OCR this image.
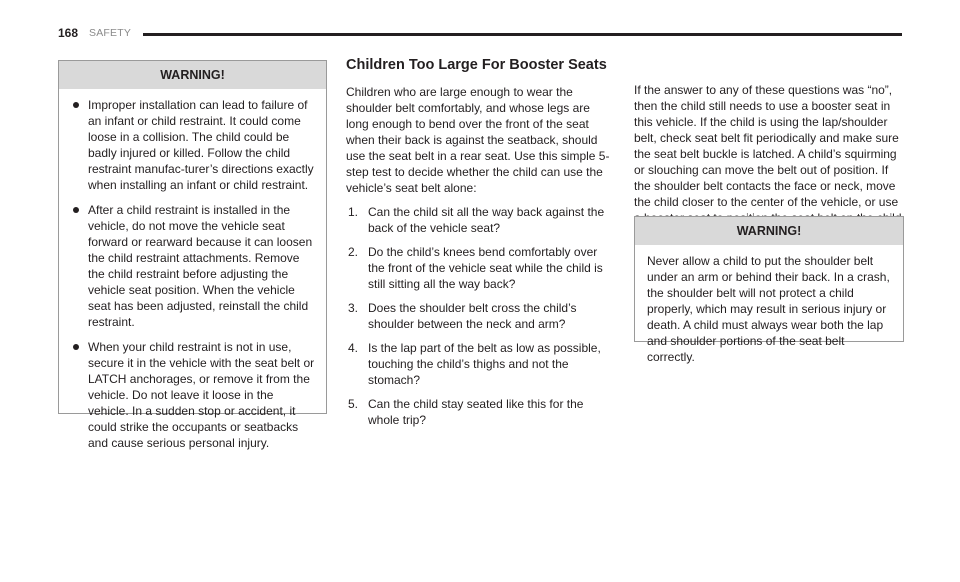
168 SAFETY
WARNING!
Improper installation can lead to failure of an infant or child restraint. It could come loose in a collision. The child could be badly injured or killed. Follow the child restraint manufac-turer’s directions exactly when installing an infant or child restraint.
After a child restraint is installed in the vehicle, do not move the vehicle seat forward or rearward because it can loosen the child restraint attachments. Remove the child restraint before adjusting the vehicle seat position. When the vehicle seat has been adjusted, reinstall the child restraint.
When your child restraint is not in use, secure it in the vehicle with the seat belt or LATCH anchorages, or remove it from the vehicle. Do not leave it loose in the vehicle. In a sudden stop or accident, it could strike the occupants or seatbacks and cause serious personal injury.
Children Too Large For Booster Seats

Children who are large enough to wear the shoulder belt comfortably, and whose legs are long enough to bend over the front of the seat when their back is against the seatback, should use the seat belt in a rear seat. Use this simple 5-step test to decide whether the child can use the vehicle’s seat belt alone:

1. Can the child sit all the way back against the back of the vehicle seat?
2. Do the child’s knees bend comfortably over the front of the vehicle seat while the child is still sitting all the way back?
3. Does the shoulder belt cross the child’s shoulder between the neck and arm?
4. Is the lap part of the belt as low as possible, touching the child’s thighs and not the stomach?
5. Can the child stay seated like this for the whole trip?

If the answer to any of these questions was “no”, then the child still needs to use a booster seat in this vehicle. If the child is using the lap/shoulder belt, check seat belt fit periodically and make sure the seat belt buckle is latched. A child’s squirming or slouching can move the belt out of position. If the shoulder belt contacts the face or neck, move the child closer to the center of the vehicle, or use

WARNING!
Never allow a child to put the shoulder belt under an arm or behind their back. In a crash, the shoulder belt will not protect a child properly, which may result in serious injury or death. A child must always wear both the lap and shoulder portions of the seat belt correctly.
